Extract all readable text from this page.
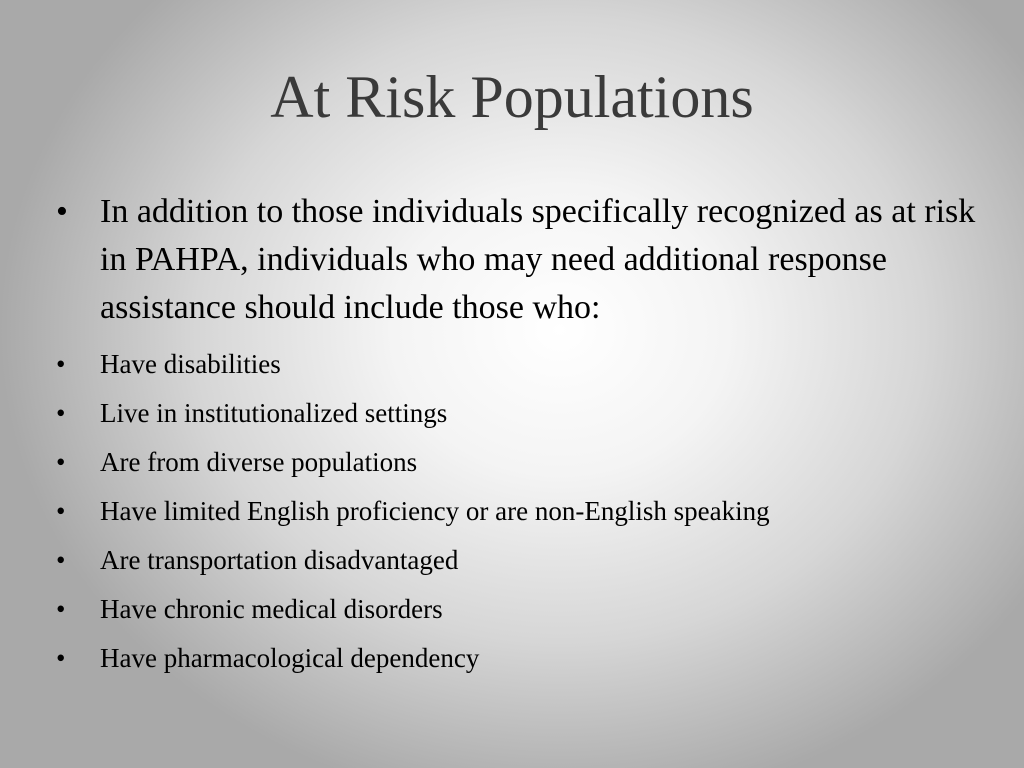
At Risk Populations
• In addition to those individuals specifically recognized as at risk in PAHPA, individuals who may need additional response assistance should include those who:
•	Have disabilities
•	Live in institutionalized settings
•	Are from diverse populations
•	Have limited English proficiency or are non-English speaking
•	Are transportation disadvantaged
•	Have chronic medical disorders
•	Have pharmacological dependency
